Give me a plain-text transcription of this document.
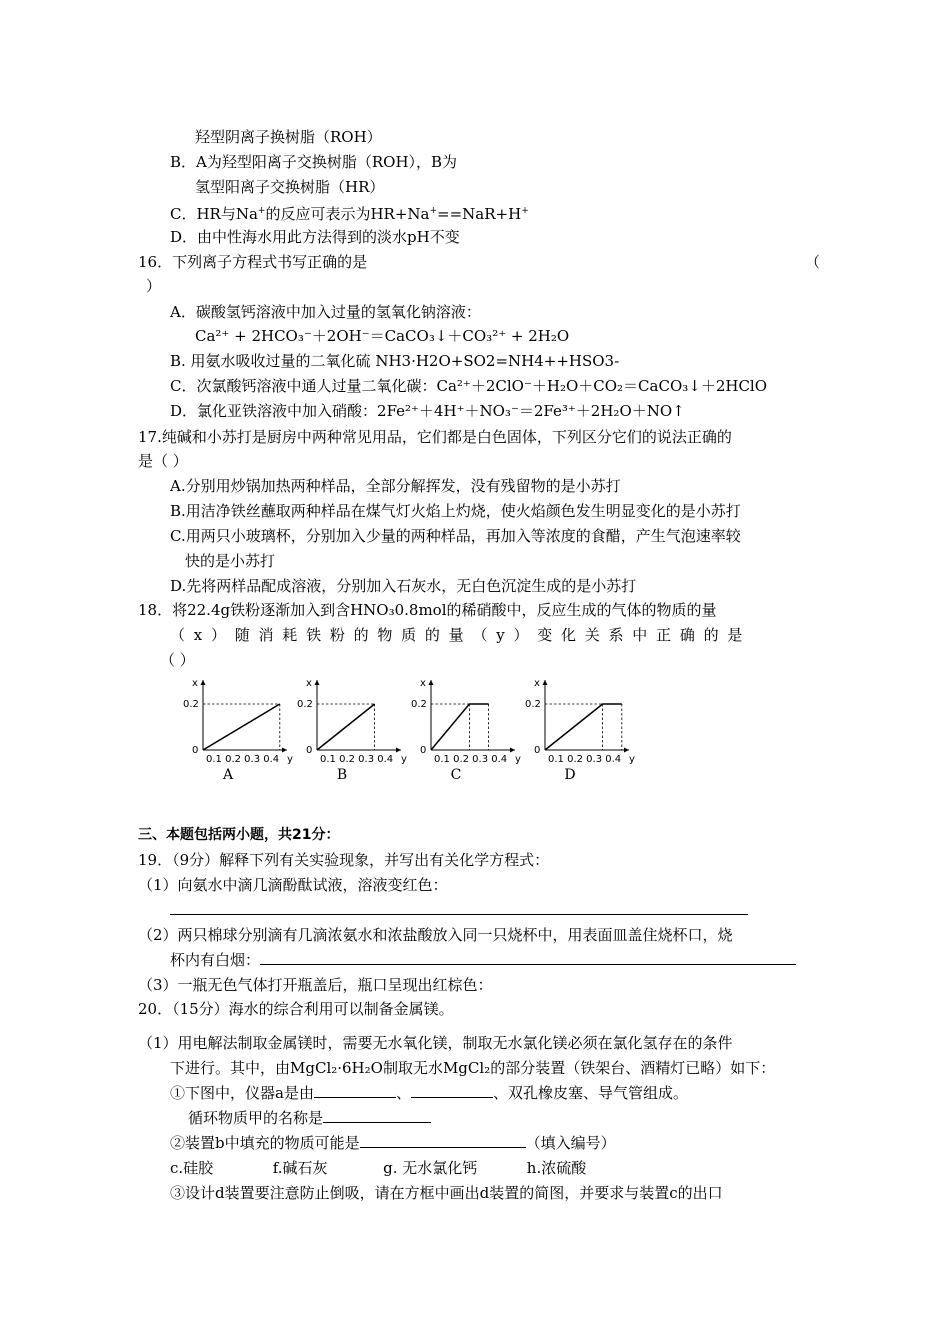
羟型阴离子换树脂（ROH）
B．A为羟型阳离子交换树脂（ROH），B为
氢型阳离子交换树脂（HR）
C．HR与Na+的反应可表示为HR+Na+==NaR+H+
D．由中性海水用此方法得到的淡水pH不变
16．下列离子方程式书写正确的是	（
）
A．碳酸氢钙溶液中加入过量的氢氧化钠溶液：
Ca²⁺ + 2HCO₃⁻＋2OH⁻＝CaCO₃↓＋CO₃²⁺ + 2H₂O
B. 用氨水吸收过量的二氧化硫 NH3·H2O+SO2=NH4++HSO3-
C．次氯酸钙溶液中通人过量二氧化碳：Ca²⁺＋2ClO⁻＋H₂O＋CO₂＝CaCO₃↓＋2HClO
D．氯化亚铁溶液中加入硝酸：2Fe²⁺＋4H⁺＋NO₃⁻＝2Fe³⁺＋2H₂O＋NO↑
17.纯碱和小苏打是厨房中两种常见用品，它们都是白色固体，下列区分它们的说法正确的
是（ ）
A.分别用炒锅加热两种样品，全部分解挥发，没有残留物的是小苏打
B.用洁净铁丝蘸取两种样品在煤气灯火焰上灼烧，使火焰颜色发生明显变化的是小苏打
C.用两只小玻璃杯，分别加入少量的两种样品，再加入等浓度的食醋，产生气泡速率较
快的是小苏打
D.先将两样品配成溶液，分别加入石灰水，无白色沉淀生成的是小苏打
18．将22.4g铁粉逐渐加入到含HNO₃0.8mol的稀硝酸中，反应生成的气体的物质的量
（ x ） 随 消 耗 铁 粉 的 物 质 的 量 （ y ） 变 化 关 系 中 正 确 的 是
（ ）
x
0.2
0
0.1 0.2 0.3 0.4 y
A
x
0.2
0
0.1 0.2 0.3 0.4 y
B
x
0.2
0
0.1 0.2 0.3 0.4 y
C
x
0.2
0
0.1 0.2 0.3 0.4 y
D
三、本题包括两小题，共21分：
19．（9分）解释下列有关实验现象，并写出有关化学方程式：
（1）向氨水中滴几滴酚酞试液，溶液变红色：
（2）两只棉球分别滴有几滴浓氨水和浓盐酸放入同一只烧杯中，用表面皿盖住烧杯口，烧
杯内有白烟：
（3）一瓶无色气体打开瓶盖后，瓶口呈现出红棕色：
20．（15分）海水的综合利用可以制备金属镁。
（1）用电解法制取金属镁时，需要无水氧化镁，制取无水氯化镁必须在氯化氢存在的条件
下进行。其中，由MgCl₂·6H₂O制取无水MgCl₂的部分装置（铁架台、酒精灯已略）如下：
①下图中，仪器a是由	、	、双孔橡皮塞、导气管组成。
循环物质甲的名称是
②装置b中填充的物质可能是	（填入编号）
c.硅胶	f.碱石灰	g. 无水氯化钙	h.浓硫酸
③设计d装置要注意防止倒吸，请在方框中画出d装置的简图，并要求与装置c的出口
